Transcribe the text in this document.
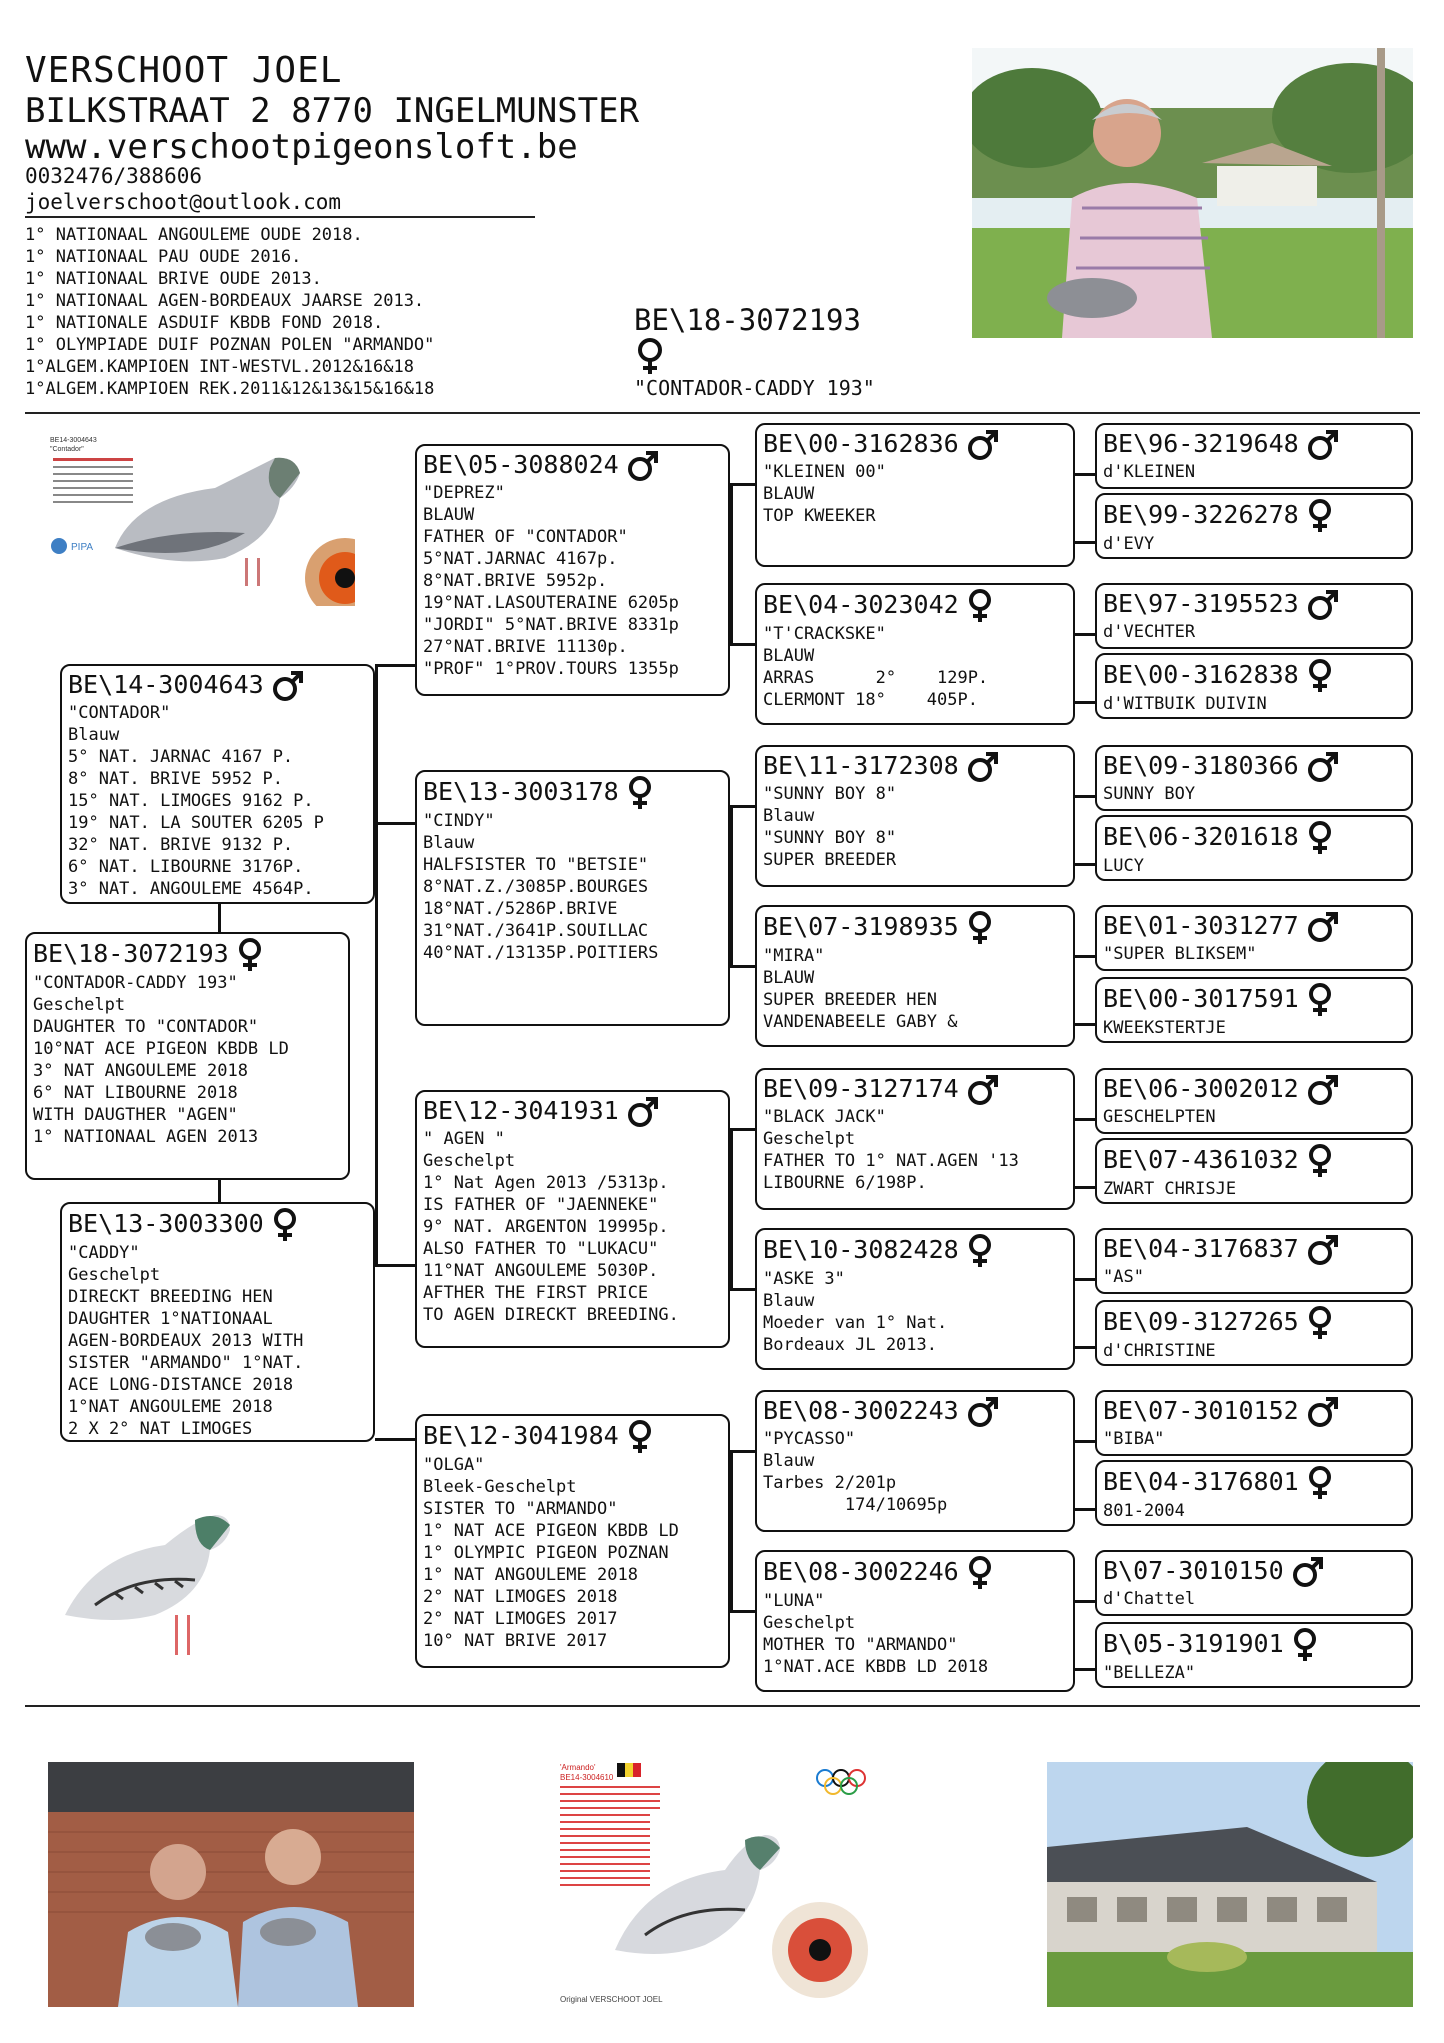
VERSCHOOT JOEL
BILKSTRAAT 2 8770 INGELMUNSTER
www.verschootpigeonsloft.be
0032476/388606
joelverschoot@outlook.com
1° NATIONAAL ANGOULEME OUDE 2018.
1° NATIONAAL PAU OUDE 2016.
1° NATIONAAL BRIVE OUDE 2013.
1° NATIONAAL AGEN-BORDEAUX JAARSE 2013.
1° NATIONALE ASDUIF KBDB FOND 2018.
1° OLYMPIADE DUIF POZNAN POLEN "ARMANDO"
1°ALGEM.KAMPIOEN INT-WESTVL.2012&16&18
1°ALGEM.KAMPIOEN REK.2011&12&13&15&16&18
BE\18-3072193
"CONTADOR-CADDY 193"
BE14-3004643
"Contador"
PIPA
BE\18-3072193
"CONTADOR-CADDY 193"
Geschelpt
DAUGHTER TO "CONTADOR"
10°NAT ACE PIGEON KBDB LD
3° NAT ANGOULEME 2018
6° NAT LIBOURNE 2018
WITH DAUGTHER "AGEN"
1° NATIONAAL AGEN 2013
BE\14-3004643
"CONTADOR"
Blauw
5° NAT. JARNAC 4167 P.
8° NAT. BRIVE 5952 P.
15° NAT. LIMOGES 9162 P.
19° NAT. LA SOUTER 6205 P
32° NAT. BRIVE 9132 P.
6° NAT. LIBOURNE 3176P.
3° NAT. ANGOULEME 4564P.
BE\13-3003300
"CADDY"
Geschelpt
DIRECKT BREEDING HEN
DAUGHTER 1°NATIONAAL
AGEN-BORDEAUX 2013 WITH
SISTER "ARMANDO" 1°NAT.
ACE LONG-DISTANCE 2018
1°NAT ANGOULEME 2018
2 X 2° NAT LIMOGES
BE\05-3088024
"DEPREZ"
BLAUW
FATHER OF "CONTADOR"
5°NAT.JARNAC 4167p.
8°NAT.BRIVE 5952p.
19°NAT.LASOUTERAINE 6205p
"JORDI" 5°NAT.BRIVE 8331p
27°NAT.BRIVE 11130p.
"PROF" 1°PROV.TOURS 1355p
BE\13-3003178
"CINDY"
Blauw
HALFSISTER TO "BETSIE"
8°NAT.Z./3085P.BOURGES
18°NAT./5286P.BRIVE
31°NAT./3641P.SOUILLAC
40°NAT./13135P.POITIERS
BE\12-3041931
" AGEN "
Geschelpt
1° Nat Agen 2013 /5313p.
IS FATHER OF "JAENNEKE"
9° NAT. ARGENTON 19995p.
ALSO FATHER TO "LUKACU"
11°NAT ANGOULEME 5030P.
AFTHER THE FIRST PRICE
TO AGEN DIRECKT BREEDING.
BE\12-3041984
"OLGA"
Bleek-Geschelpt
SISTER TO "ARMANDO"
1° NAT ACE PIGEON KBDB LD
1° OLYMPIC PIGEON POZNAN
1° NAT ANGOULEME 2018
2° NAT LIMOGES 2018
2° NAT LIMOGES 2017
10° NAT BRIVE 2017
BE\00-3162836
"KLEINEN 00"
BLAUW
TOP KWEEKER
BE\04-3023042
"T'CRACKSKE"
BLAUW
ARRAS      2°    129P.
CLERMONT 18°    405P.
BE\11-3172308
"SUNNY BOY 8"
Blauw
"SUNNY BOY 8"
SUPER BREEDER
BE\07-3198935
"MIRA"
BLAUW
SUPER BREEDER HEN
VANDENABEELE GABY &
BE\09-3127174
"BLACK JACK"
Geschelpt
FATHER TO 1° NAT.AGEN '13
LIBOURNE 6/198P.
BE\10-3082428
"ASKE 3"
Blauw
Moeder van 1° Nat.
Bordeaux JL 2013.
BE\08-3002243
"PYCASSO"
Blauw
Tarbes 2/201p
174/10695p
BE\08-3002246
"LUNA"
Geschelpt
MOTHER TO "ARMANDO"
1°NAT.ACE KBDB LD 2018
BE\96-3219648
d'KLEINEN
BE\99-3226278
d'EVY
BE\97-3195523
d'VECHTER
BE\00-3162838
d'WITBUIK DUIVIN
BE\09-3180366
SUNNY BOY
BE\06-3201618
LUCY
BE\01-3031277
"SUPER BLIKSEM"
BE\00-3017591
KWEEKSTERTJE
BE\06-3002012
GESCHELPTEN
BE\07-4361032
ZWART CHRISJE
BE\04-3176837
"AS"
BE\09-3127265
d'CHRISTINE
BE\07-3010152
"BIBA"
BE\04-3176801
801-2004
B\07-3010150
d'Chattel
B\05-3191901
"BELLEZA"
'Armando'
BE14-3004610
Original VERSCHOOT JOEL
